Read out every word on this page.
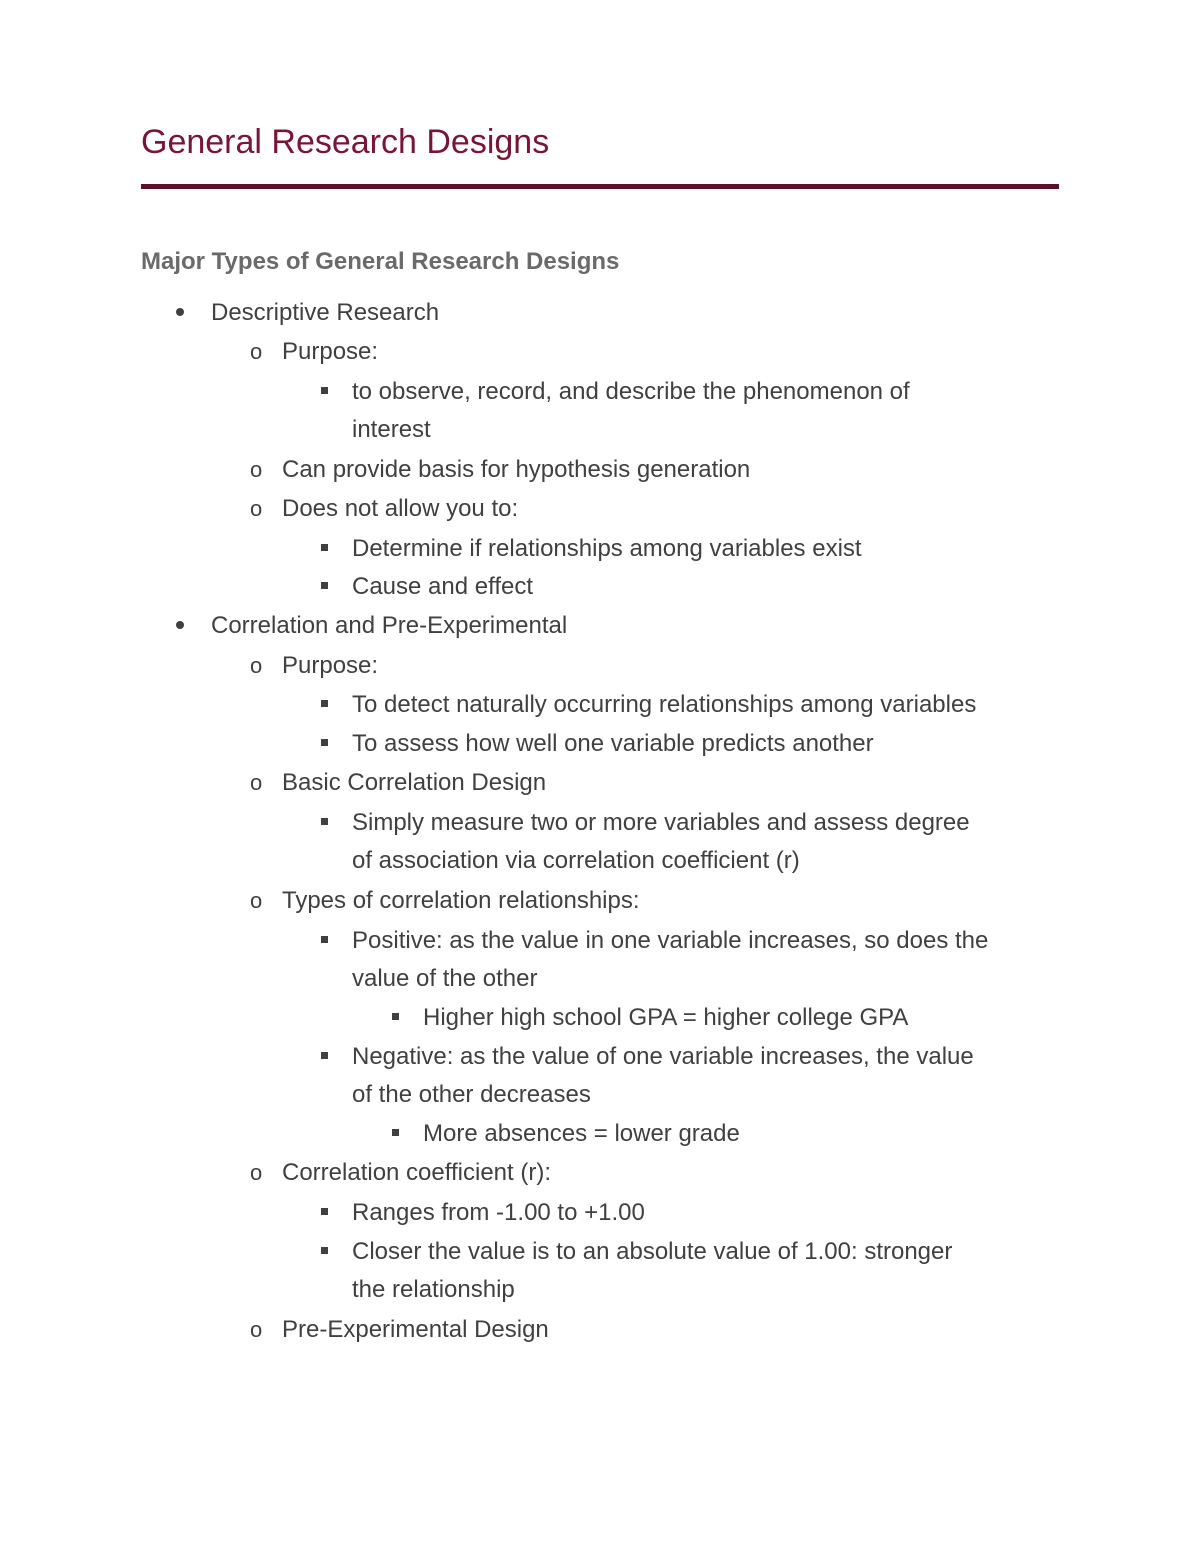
General Research Designs
Major Types of General Research Designs
Descriptive Research
o Purpose:
to observe, record, and describe the phenomenon of
interest
o Can provide basis for hypothesis generation
o Does not allow you to:
Determine if relationships among variables exist
Cause and effect
Correlation and Pre-Experimental
o Purpose:
To detect naturally occurring relationships among variables
To assess how well one variable predicts another
o Basic Correlation Design
Simply measure two or more variables and assess degree
of association via correlation coefficient (r)
o Types of correlation relationships:
Positive: as the value in one variable increases, so does the
value of the other
Higher high school GPA = higher college GPA
Negative: as the value of one variable increases, the value
of the other decreases
More absences = lower grade
o Correlation coefficient (r):
Ranges from -1.00 to +1.00
Closer the value is to an absolute value of 1.00: stronger
the relationship
o Pre-Experimental Design
